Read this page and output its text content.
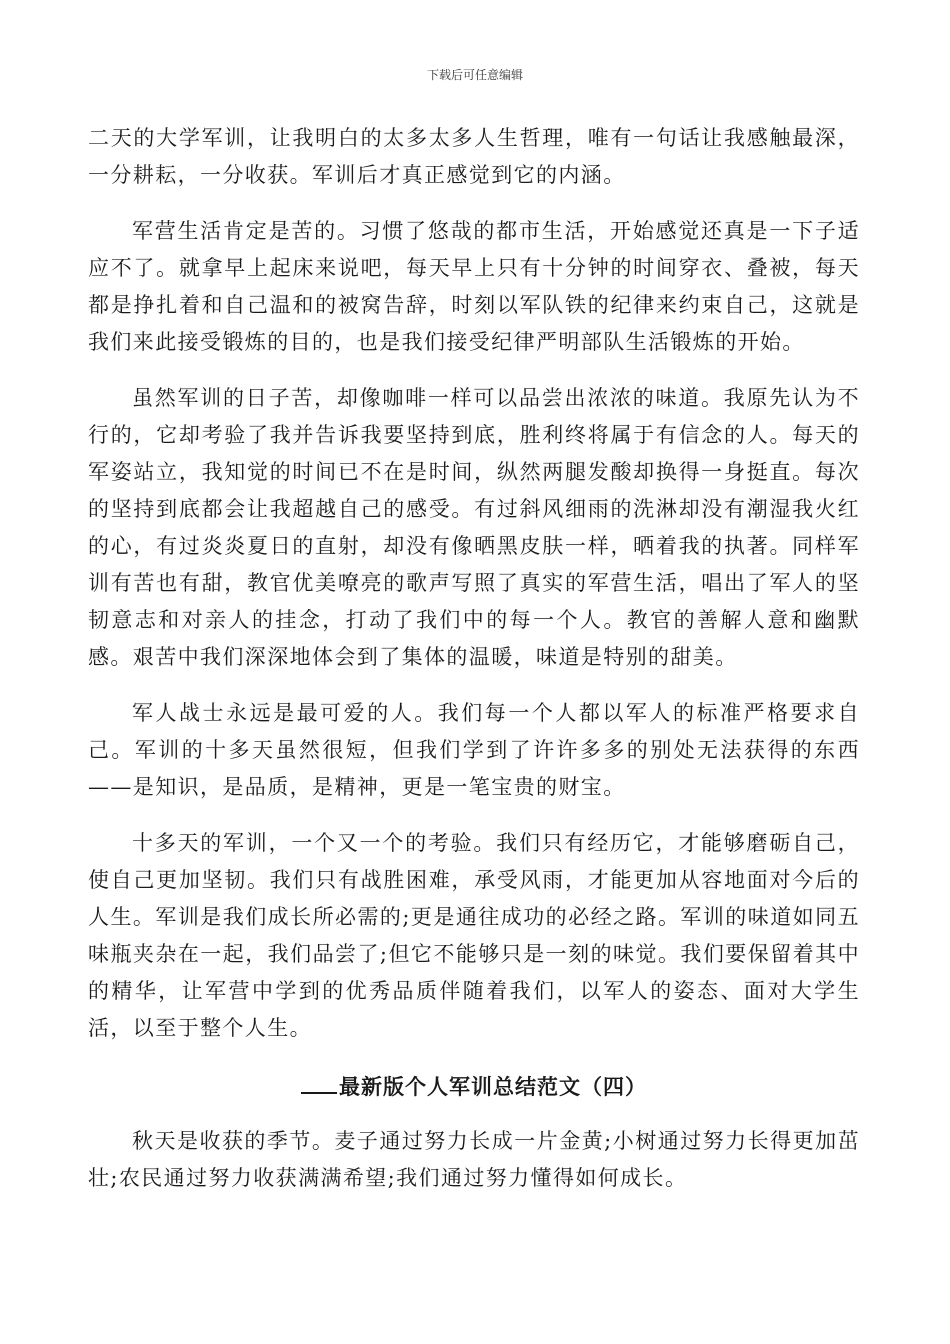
下载后可任意编辑

二天的大学军训，让我明白的太多太多人生哲理，唯有一句话让我感触最深，一分耕耘，一分收获。军训后才真正感觉到它的内涵。

军营生活肯定是苦的。习惯了悠哉的都市生活，开始感觉还真是一下子适应不了。就拿早上起床来说吧，每天早上只有十分钟的时间穿衣、叠被，每天都是挣扎着和自己温和的被窝告辞，时刻以军队铁的纪律来约束自己，这就是我们来此接受锻炼的目的，也是我们接受纪律严明部队生活锻炼的开始。

虽然军训的日子苦，却像咖啡一样可以品尝出浓浓的味道。我原先认为不行的，它却考验了我并告诉我要坚持到底，胜利终将属于有信念的人。每天的军姿站立，我知觉的时间已不在是时间，纵然两腿发酸却换得一身挺直。每次的坚持到底都会让我超越自己的感受。有过斜风细雨的洗淋却没有潮湿我火红的心，有过炎炎夏日的直射，却没有像晒黑皮肤一样，晒着我的执著。同样军训有苦也有甜，教官优美嘹亮的歌声写照了真实的军营生活，唱出了军人的坚韧意志和对亲人的挂念，打动了我们中的每一个人。教官的善解人意和幽默感。艰苦中我们深深地体会到了集体的温暖，味道是特别的甜美。

军人战士永远是最可爱的人。我们每一个人都以军人的标准严格要求自己。军训的十多天虽然很短，但我们学到了许许多多的别处无法获得的东西——是知识，是品质，是精神，更是一笔宝贵的财宝。

十多天的军训，一个又一个的考验。我们只有经历它，才能够磨砺自己，使自己更加坚韧。我们只有战胜困难，承受风雨，才能更加从容地面对今后的人生。军训是我们成长所必需的;更是通往成功的必经之路。军训的味道如同五味瓶夹杂在一起，我们品尝了;但它不能够只是一刻的味觉。我们要保留着其中的精华，让军营中学到的优秀品质伴随着我们，以军人的姿态、面对大学生活，以至于整个人生。

最新版个人军训总结范文（四）

秋天是收获的季节。麦子通过努力长成一片金黄;小树通过努力长得更加茁壮;农民通过努力收获满满希望;我们通过努力懂得如何成长。
